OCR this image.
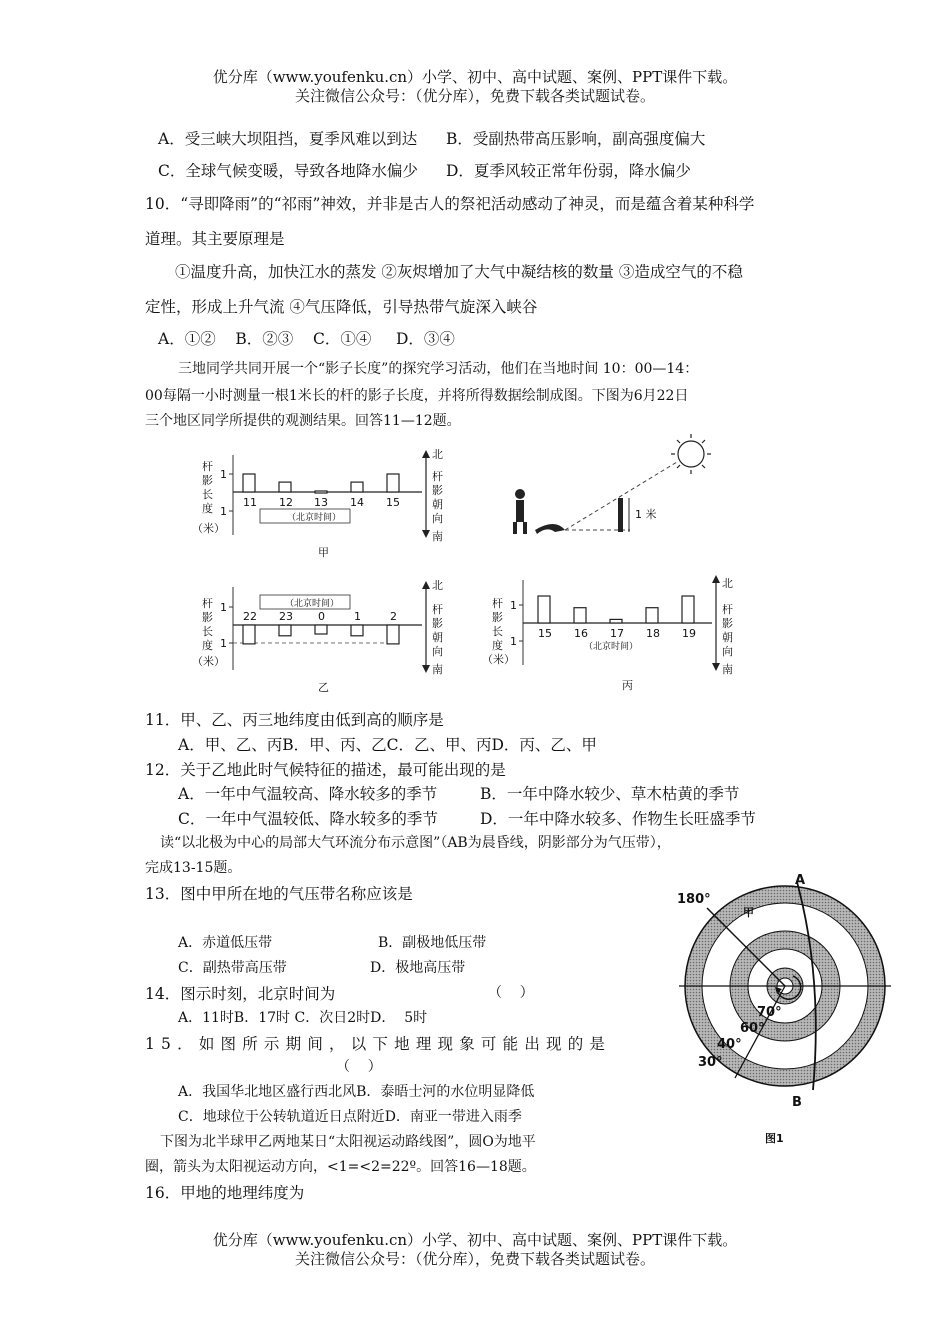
优分库（www.youfenku.cn）小学、初中、高中试题、案例、PPT课件下载。
关注微信公众号：（优分库），免费下载各类试题试卷。
A．受三峡大坝阻挡，夏季风难以到达 B．受副热带高压影响，副高强度偏大
C．全球气候变暖，导致各地降水偏少 D．夏季风较正常年份弱，降水偏少
10．“寻即降雨”的“祁雨”神效，并非是古人的祭祀活动感动了神灵，而是蕴含着某种科学
道理。其主要原理是
①温度升高，加快江水的蒸发 ②灰烬增加了大气中凝结核的数量 ③造成空气的不稳
定性，形成上升气流 ④气压降低，引导热带气旋深入峡谷
A．①②    B．②③    C．①④     D．③④
三地同学共同开展一个“影子长度”的探究学习活动，他们在当地时间 10：00—14：
00每隔一小时测量一根1米长的杆的影子长度，并将所得数据绘制成图。下图为6月22日
三个地区同学所提供的观测结果。回答11—12题。
杆
影
长
度
（米）
1
1
11 12 13 14 15
（北京时间）
北
杆
影
朝
向
南
甲
1 米
杆
影
长
度
（米）
1
1
22 23 0	1	2
（北京时间）
北
杆
影
朝
向
南
乙
杆
影
长
度
（米）
1
1
15 16 17 18 19
（北京时间）
北
杆
影
朝
向
南
丙
11．甲、乙、丙三地纬度由低到高的顺序是
A．甲、乙、丙B．甲、丙、乙C．乙、甲、丙D．丙、乙、甲
12．关于乙地此时气候特征的描述，最可能出现的是
A．一年中气温较高、降水较多的季节	B．一年中降水较少、草木枯黄的季节
C．一年中气温较低、降水较多的季节	D．一年中降水较多、作物生长旺盛季节
读“以北极为中心的局部大气环流分布示意图”（AB为晨昏线，阴影部分为气压带），
完成13-15题。
13．图中甲所在地的气压带名称应该是
A．赤道低压带	B．副极地低压带
C．副热带高压带	D．极地高压带
14．图示时刻，北京时间为	（    ）
A．11时B．17时 C．次日2时D．  5时
15．如图所示期间，以下地理现象可能出现的是
（    ）
A．我国华北地区盛行西北风B．泰晤士河的水位明显降低
C．地球位于公转轨道近日点附近D．南亚一带进入雨季
180°
A
B
甲
70°
60°
40°
30°
图1
下图为北半球甲乙两地某日“太阳视运动路线图”，圆O为地平
圈，箭头为太阳视运动方向，<1=<2=22º。回答16—18题。
16．甲地的地理纬度为
优分库（www.youfenku.cn）小学、初中、高中试题、案例、PPT课件下载。
关注微信公众号：（优分库），免费下载各类试题试卷。
